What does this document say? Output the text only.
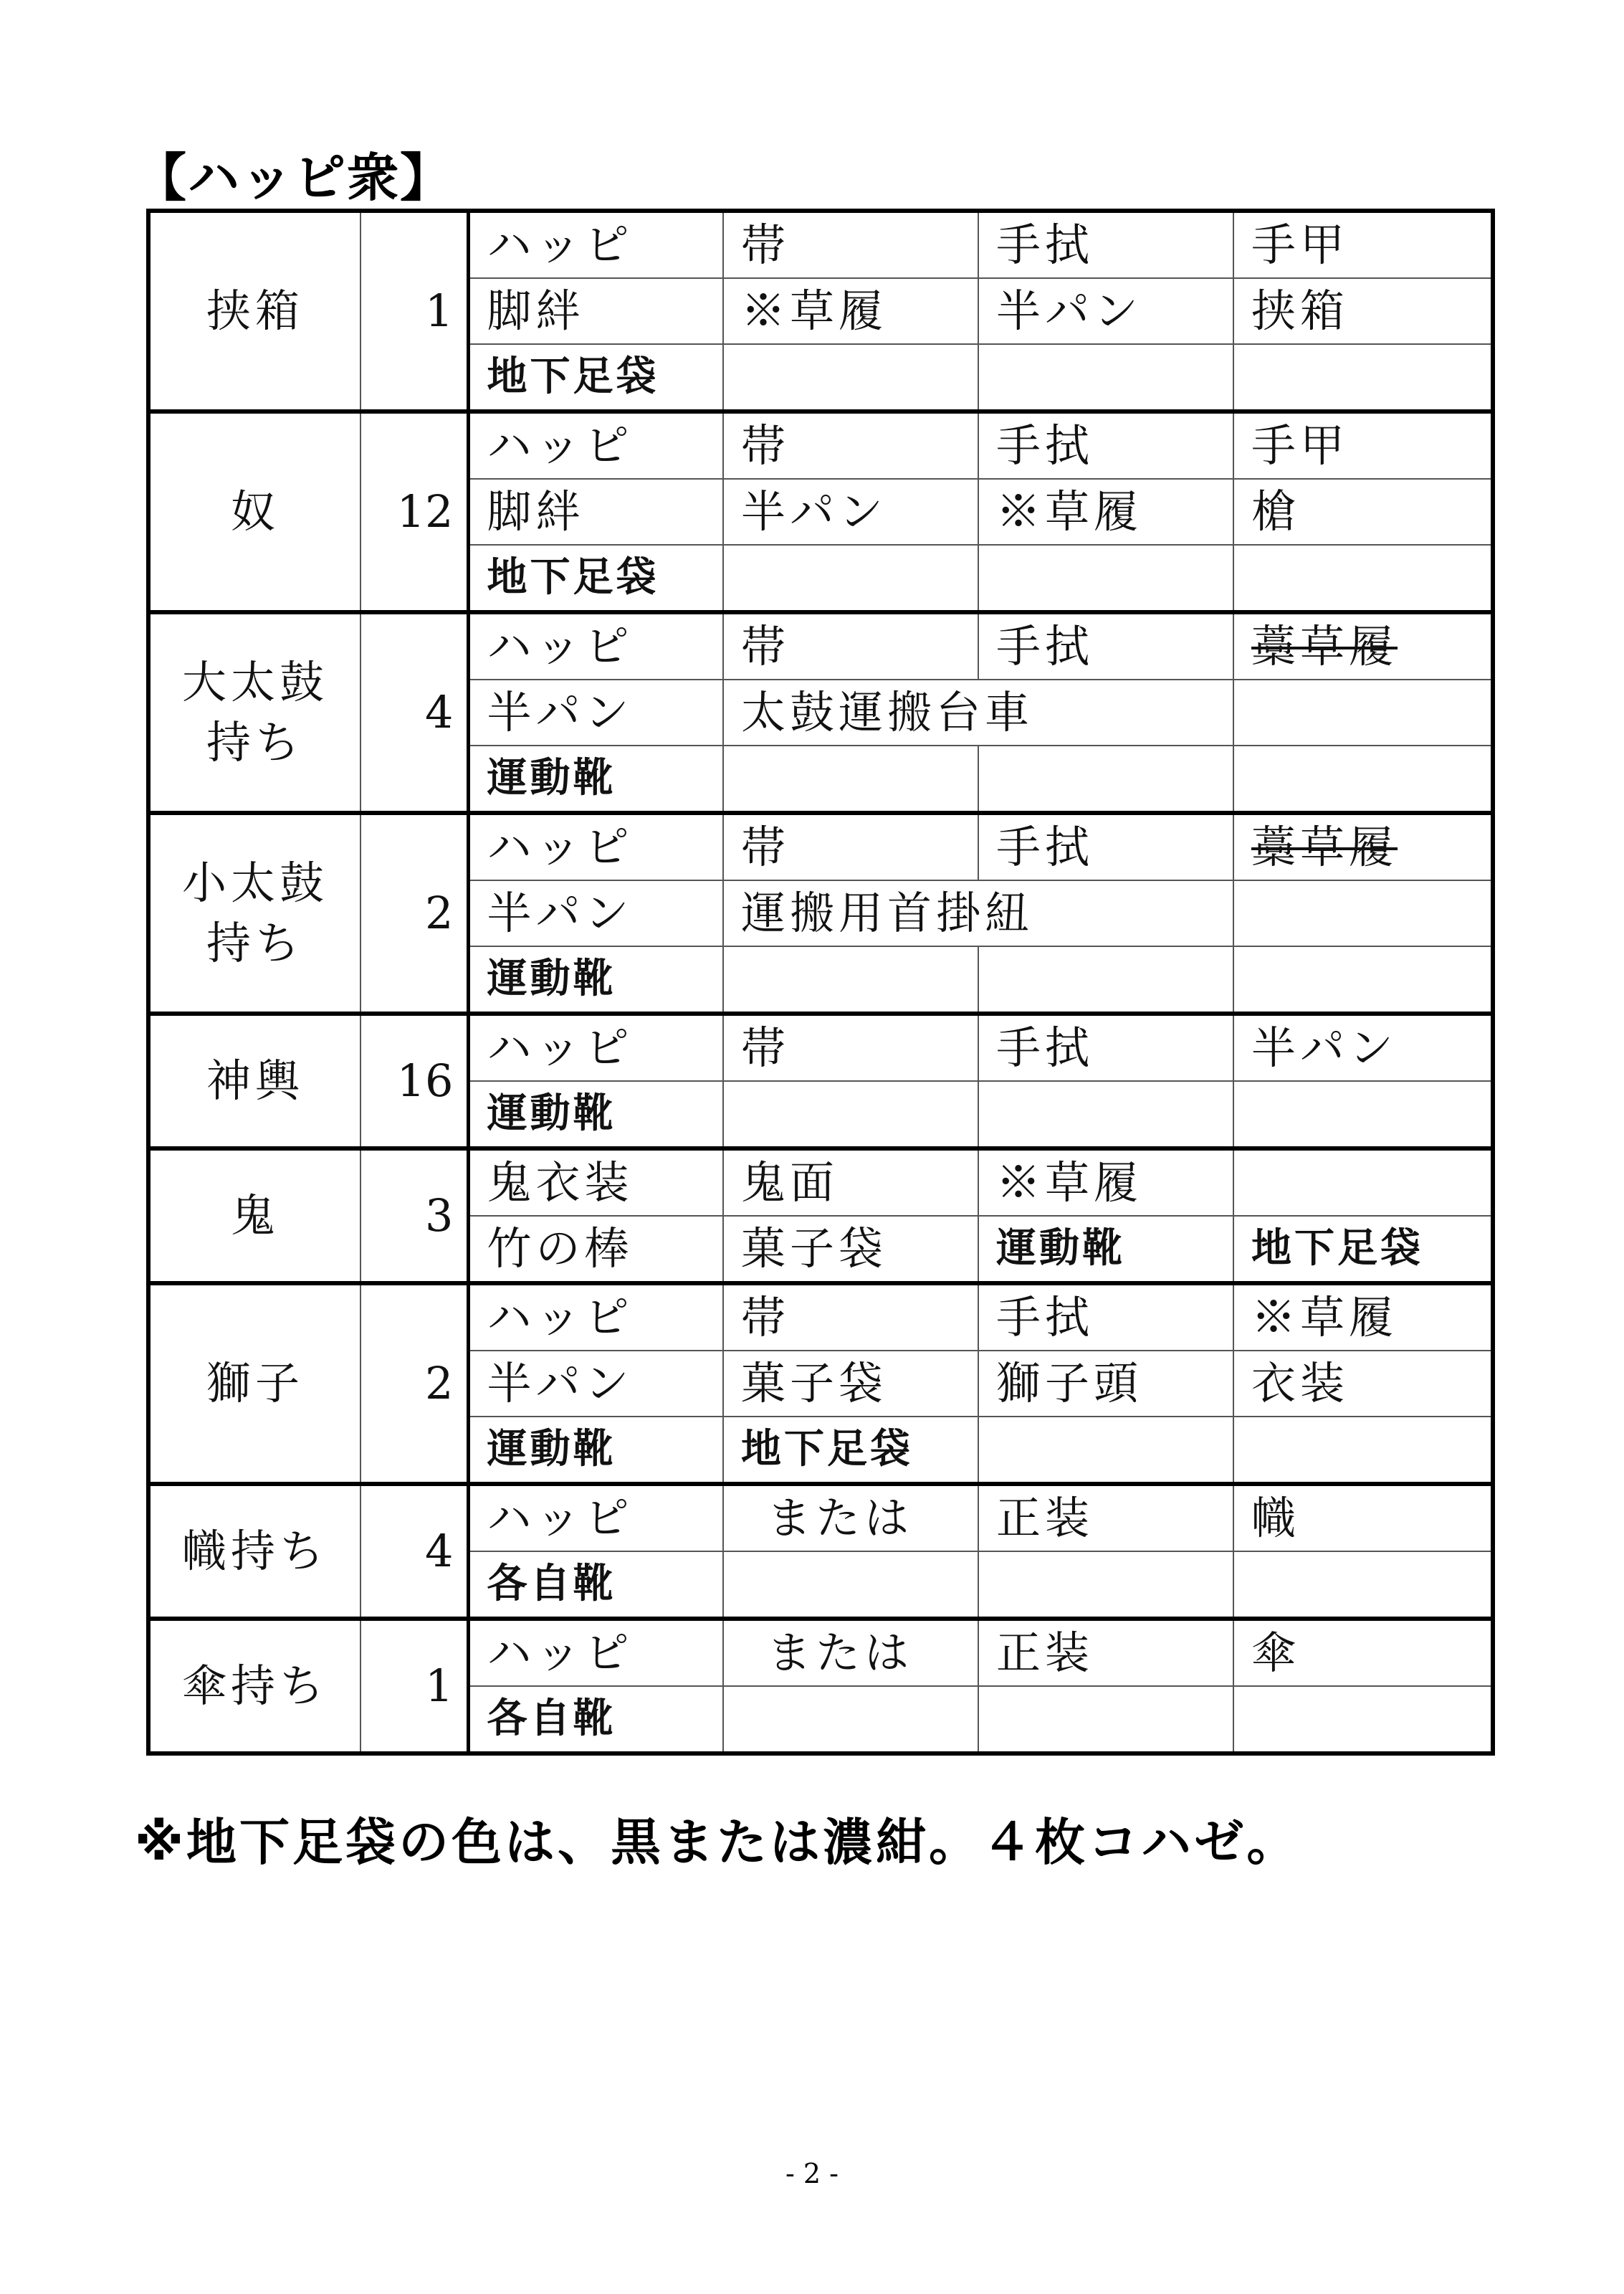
【ハッピ衆】
挟箱	1	ハッピ	帯	手拭	手甲
		脚絆	※草履	半パン	挟箱
		地下足袋			
奴	12	ハッピ	帯	手拭	手甲
		脚絆	半パン	※草履	槍
		地下足袋			
大太鼓持ち	4	ハッピ	帯	手拭	藁草履
		半パン	太鼓運搬台車		
		運動靴			
小太鼓持ち	2	ハッピ	帯	手拭	藁草履
		半パン	運搬用首掛紐		
		運動靴			
神輿	16	ハッピ	帯	手拭	半パン
		運動靴			
鬼	3	鬼衣装	鬼面	※草履	
		竹の棒	菓子袋	運動靴	地下足袋
獅子	2	ハッピ	帯	手拭	※草履
		半パン	菓子袋	獅子頭	衣装
		運動靴	地下足袋		
幟持ち	4	ハッピ	または	正装	幟
		各自靴			
傘持ち	1	ハッピ	または	正装	傘
		各自靴			
※地下足袋の色は、黒または濃紺。４枚コハゼ。
- 2 -
